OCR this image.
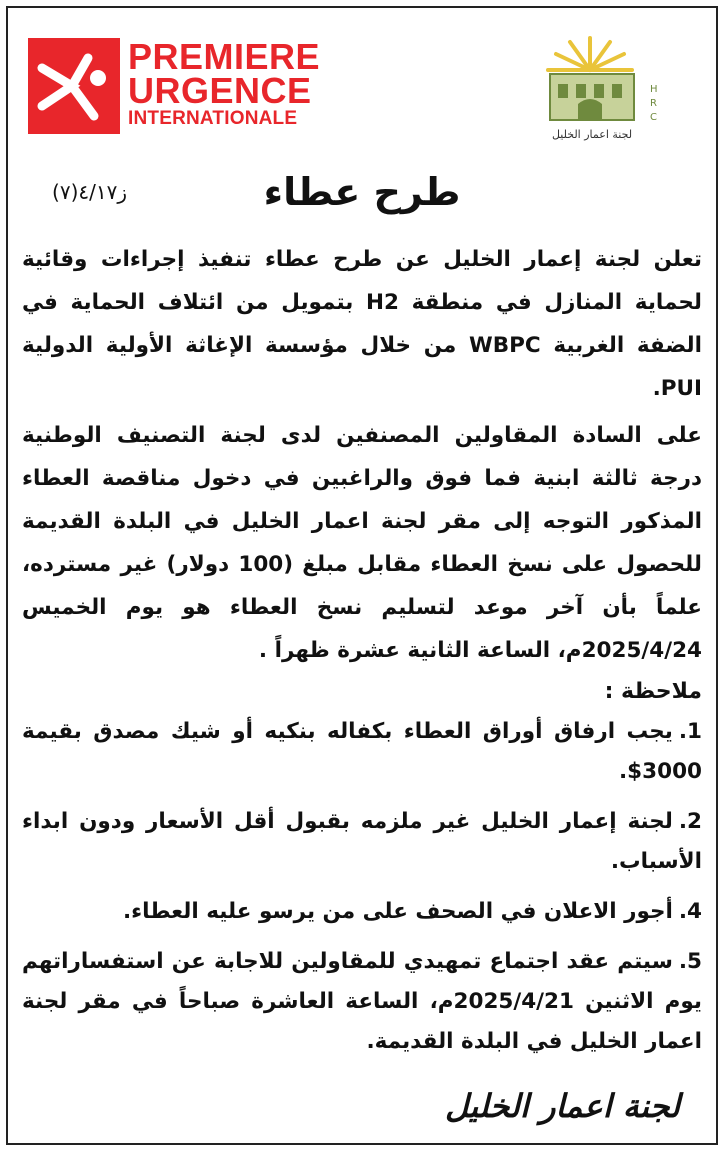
PREMIERE
URGENCE
INTERNATIONALE
H
R
C
لجنة اعمار الخليل
ز٤/١٧(٧)	طرح عطاء

تعلن لجنة إعمار الخليل عن طرح عطاء تنفيذ إجراءات وقائية لحماية المنازل في منطقة H2 بتمويل من ائتلاف الحماية في الضفة الغربية WBPC من خلال مؤسسة الإغاثة الأولية الدولية PUI.

على السادة المقاولين المصنفين لدى لجنة التصنيف الوطنية درجة ثالثة ابنية فما فوق والراغبين في دخول مناقصة العطاء المذكور التوجه إلى مقر لجنة اعمار الخليل في البلدة القديمة للحصول على نسخ العطاء مقابل مبلغ (100 دولار) غير مسترده، علماً بأن آخر موعد لتسليم نسخ العطاء هو يوم الخميس 2025/4/24م، الساعة الثانية عشرة ظهراً .

ملاحظة :

1.يجب ارفاق أوراق العطاء بكفاله بنكيه أو شيك مصدق بقيمة 3000$.
2.لجنة إعمار الخليل غير ملزمه بقبول أقل الأسعار ودون ابداء الأسباب.
4.أجور الاعلان في الصحف على من يرسو عليه العطاء.
5.سيتم عقد اجتماع تمهيدي للمقاولين للاجابة عن استفساراتهم يوم الاثنين 2025/4/21م، الساعة العاشرة صباحاً في مقر لجنة اعمار الخليل في البلدة القديمة.
لجنة اعمار الخليل
